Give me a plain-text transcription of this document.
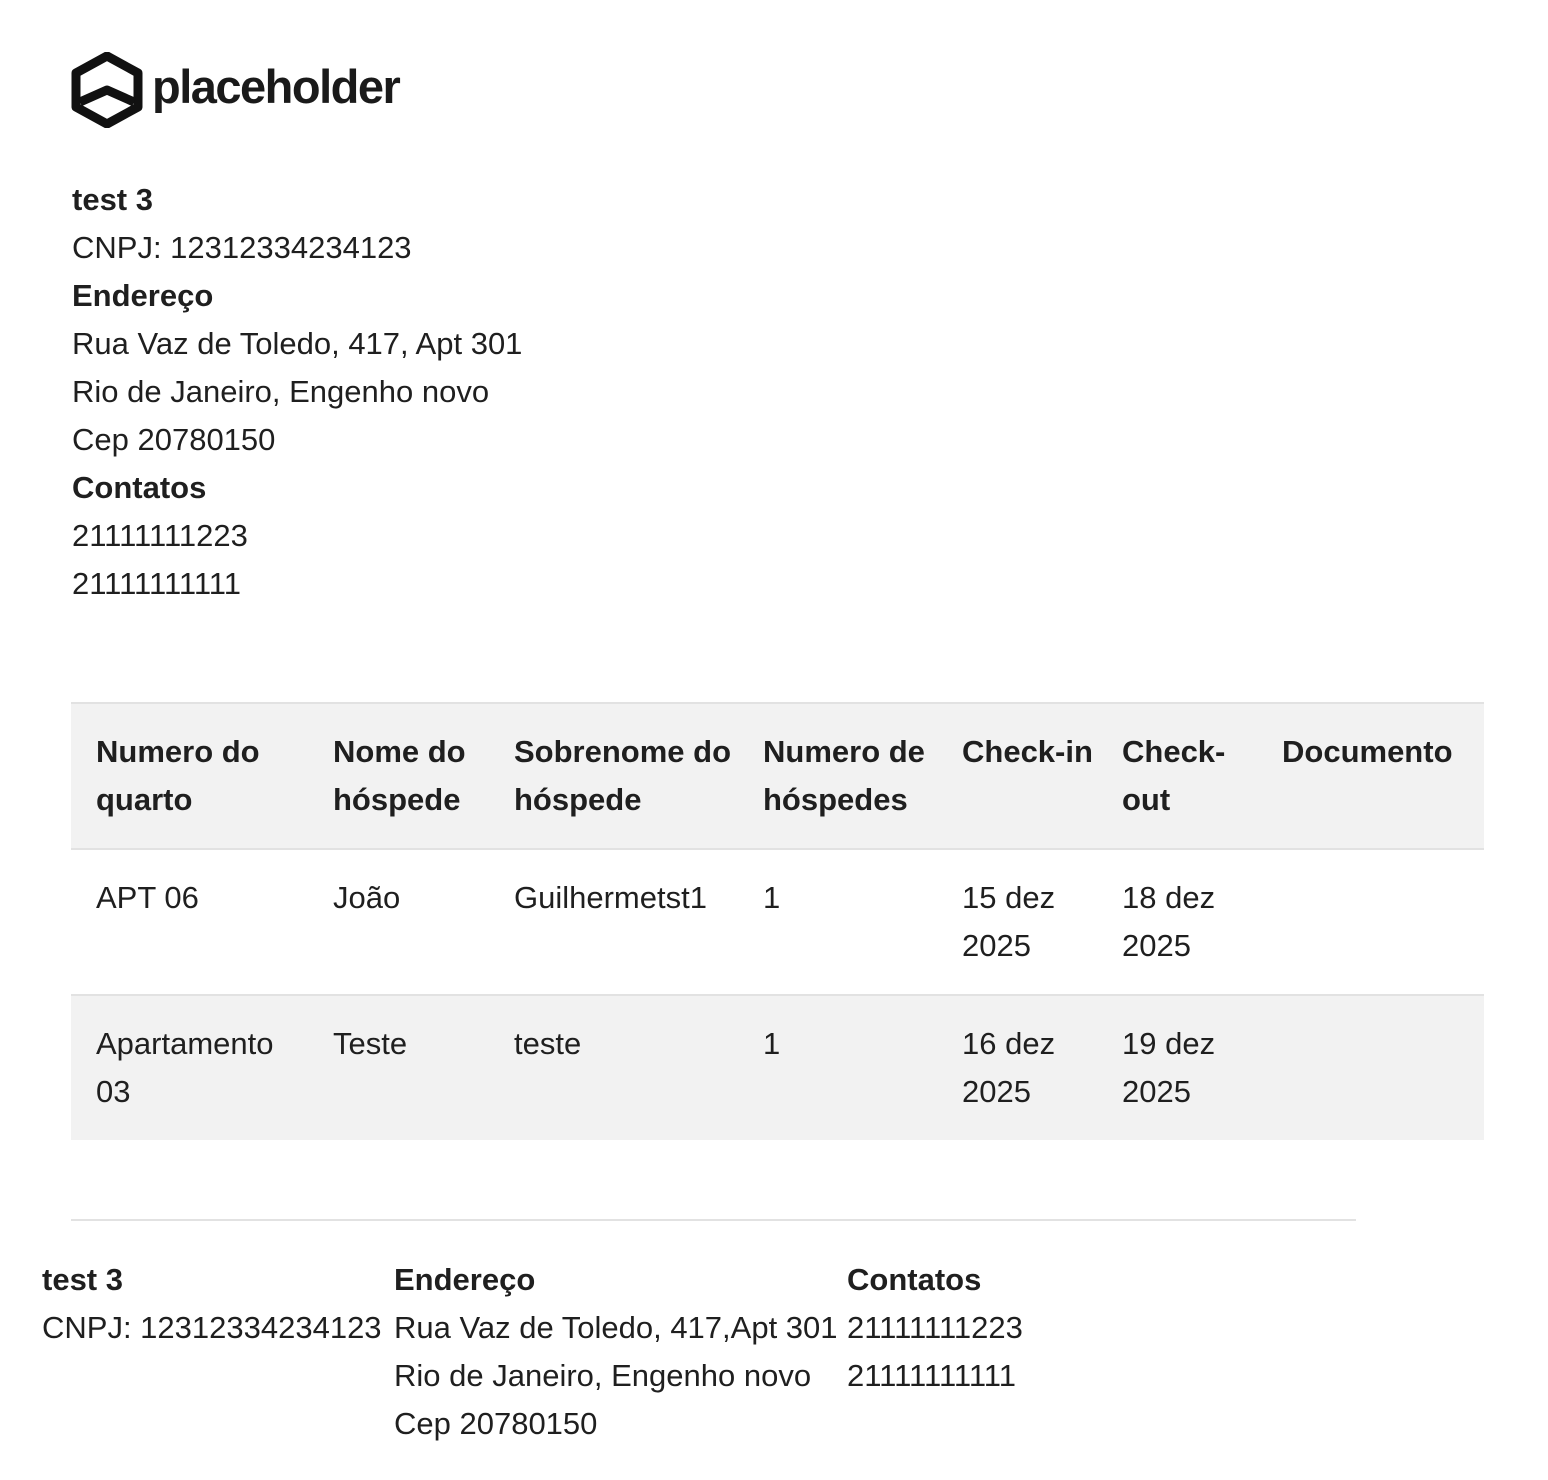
placeholder
test 3
CNPJ: 12312334234123
Endereço
Rua Vaz de Toledo, 417, Apt 301
Rio de Janeiro, Engenho novo
Cep 20780150
Contatos
21111111223
21111111111
Numero do quarto	Nome do hóspede	Sobrenome do hóspede	Numero de hóspedes	Check-in	Check-out	Documento
APT 06	João	Guilhermetst1	1	15 dez 2025	18 dez 2025	
Apartamento 03	Teste	teste	1	16 dez 2025	19 dez 2025	
test 3
CNPJ: 12312334234123
Endereço
Rua Vaz de Toledo, 417,Apt 301
Rio de Janeiro, Engenho novo
Cep 20780150
Contatos
21111111223
21111111111
